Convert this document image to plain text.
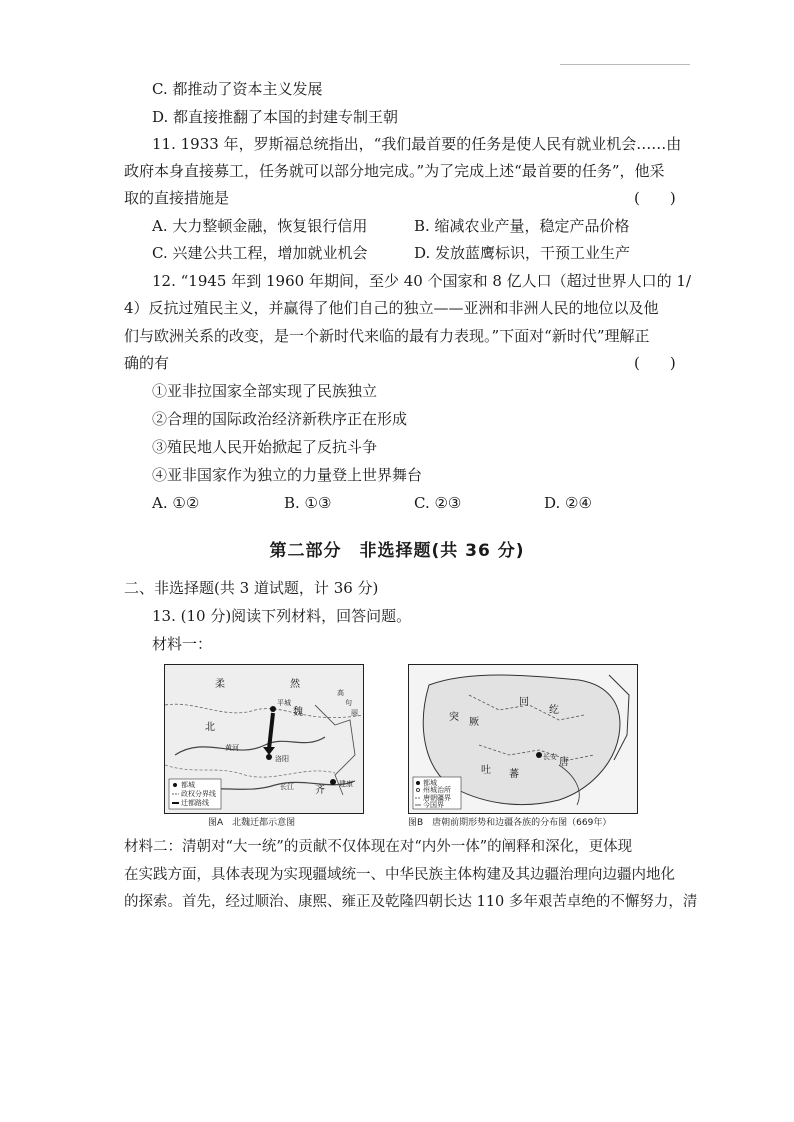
C. 都推动了资本主义发展
D. 都直接推翻了本国的封建专制王朝
11. 1933 年，罗斯福总统指出，“我们最首要的任务是使人民有就业机会……由
政府本身直接募工，任务就可以部分地完成。”为了完成上述“最首要的任务”，他采
取的直接措施是	(　　)
A. 大力整顿金融，恢复银行信用	B. 缩减农业产量，稳定产品价格
C. 兴建公共工程，增加就业机会	D. 发放蓝鹰标识，干预工业生产
12. “1945 年到 1960 年期间，至少 40 个国家和 8 亿人口（超过世界人口的 1/
4）反抗过殖民主义，并赢得了他们自己的独立——亚洲和非洲人民的地位以及他
们与欧洲关系的改变，是一个新时代来临的最有力表现。”下面对“新时代”理解正
确的有	(　　)
①亚非拉国家全部实现了民族独立
②合理的国际政治经济新秩序正在形成
③殖民地人民开始掀起了反抗斗争
④亚非国家作为独立的力量登上世界舞台
A. ①②	B. ①③	C. ②③	D. ②④
第二部分　非选择题(共 36 分)
二、非选择题(共 3 道试题，计 36 分)
13. (10 分)阅读下列材料，回答问题。
材料一：
柔	然
北
魏
平城
洛阳
黄河
长江	建康
齐
高
句
丽
都城
政权分界线
迁都路线
图A　北魏迁都示意图
回
纥
突 厥
唐
吐 蕃
长安
都城
州城治所
唐朝疆界
今国界
图B　唐朝前期形势和边疆各族的分布图（669年）
材料二：清朝对“大一统”的贡献不仅体现在对“内外一体”的阐释和深化，更体现
在实践方面，具体表现为实现疆域统一、中华民族主体构建及其边疆治理向边疆内地化
的探索。首先，经过顺治、康熙、雍正及乾隆四朝长达 110 多年艰苦卓绝的不懈努力，清
